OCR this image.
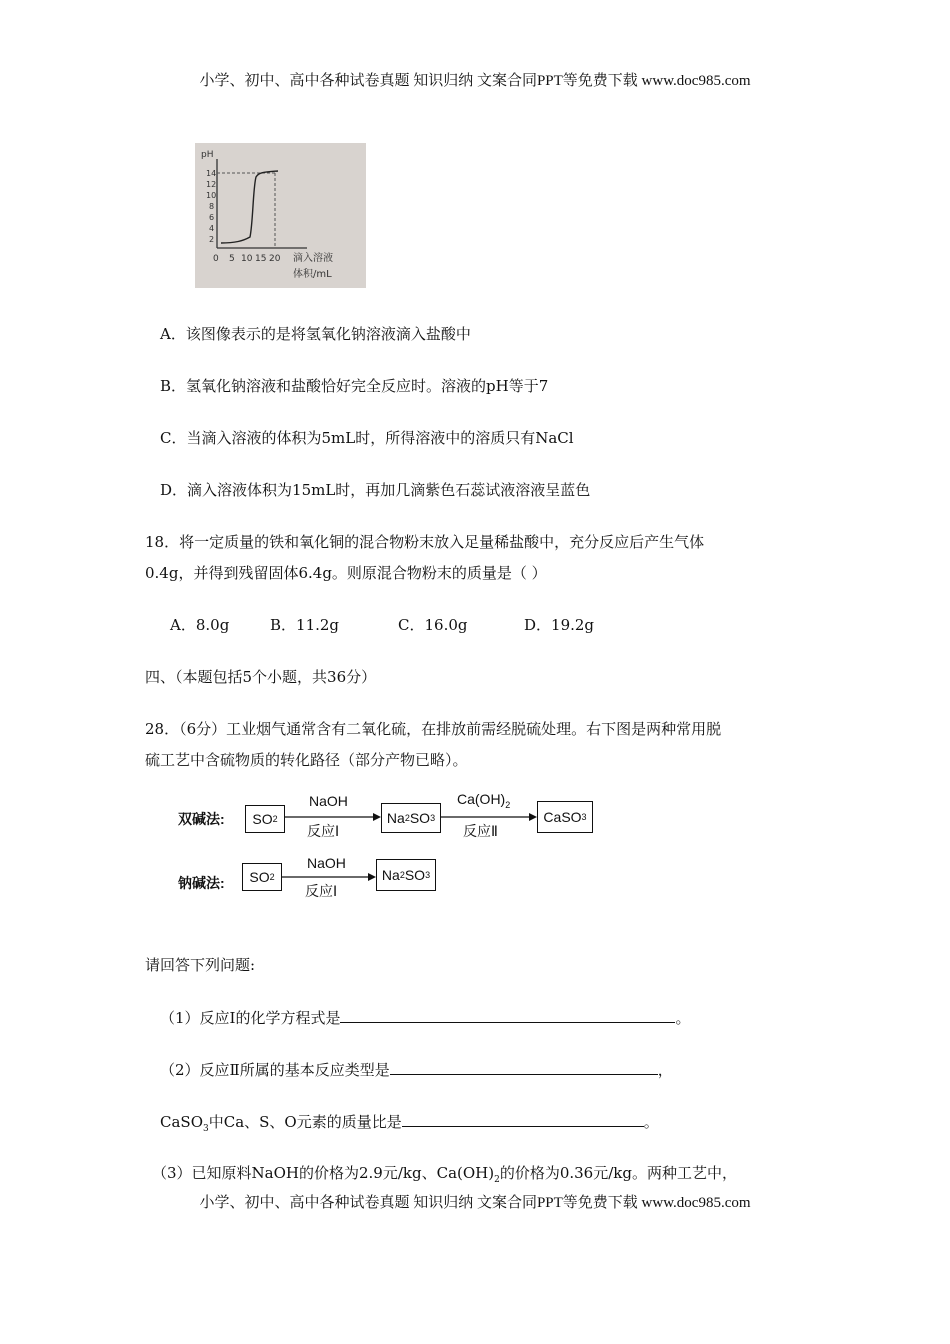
小学、初中、高中各种试卷真题 知识归纳 文案合同PPT等免费下载 www.doc985.com
pH
14
12
10
8
6
4
2
0 5 10 15 20 滴入溶液
体积/mL
A．该图像表示的是将氢氧化钠溶液滴入盐酸中
B．氢氧化钠溶液和盐酸恰好完全反应时。溶液的pH等于7
C．当滴入溶液的体积为5mL时，所得溶液中的溶质只有NaCl
D．滴入溶液体积为15mL时，再加几滴紫色石蕊试液溶液呈蓝色
18．将一定质量的铁和氧化铜的混合物粉末放入足量稀盐酸中，充分反应后产生气体
0.4g，并得到残留固体6.4g。则原混合物粉末的质量是（ ）
A．8.0g	B．11.2g	C．16.0g	D．19.2g
四、（本题包括5个小题，共36分）
28．（6分）工业烟气通常含有二氧化硫，在排放前需经脱硫处理。右下图是两种常用脱
硫工艺中含硫物质的转化路径（部分产物已略）。
双碱法: SO 2
NaOH
反应Ⅰ
Na 2 SO 3
$Ca(OH)_2$
反应Ⅱ
CaSO 3
钠碱法: SO 2
NaOH
反应Ⅰ
Na 2 SO 3
请回答下列问题:
（1）反应Ⅰ的化学方程式是	。
（2）反应Ⅱ所属的基本反应类型是	，
CaSO$_3$中Ca、S、O元素的质量比是	。
（3）已知原料NaOH的价格为2.9元/kg、$Ca(OH)_2$的价格为0.36元/kg。两种工艺中，
小学、初中、高中各种试卷真题 知识归纳 文案合同PPT等免费下载 www.doc985.com
